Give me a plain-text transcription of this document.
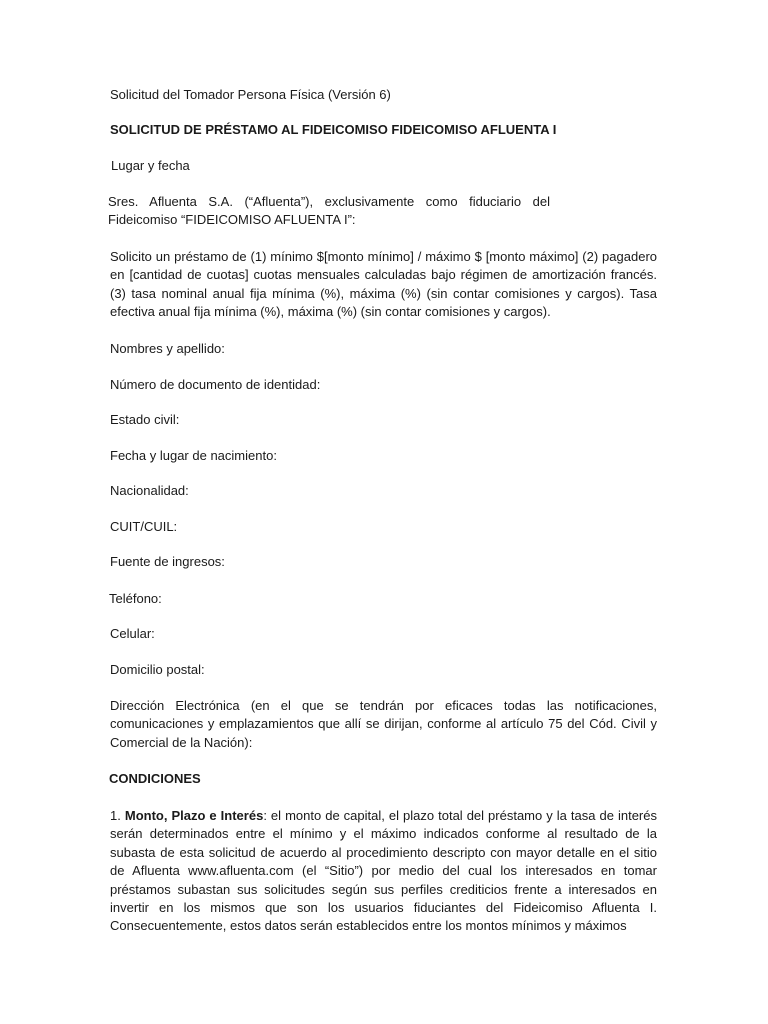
Solicitud del Tomador Persona Física (Versión 6)

SOLICITUD DE PRÉSTAMO AL FIDEICOMISO FIDEICOMISO AFLUENTA I

Lugar y fecha

Sres. Afluenta S.A. (“Afluenta”), exclusivamente como fiduciario del Fideicomiso “FIDEICOMISO AFLUENTA I”:

Solicito un préstamo de (1) mínimo $[monto mínimo] / máximo $ [monto máximo] (2) pagadero en [cantidad de cuotas] cuotas mensuales calculadas bajo régimen de amortización francés. (3) tasa nominal anual fija mínima (%), máxima (%) (sin contar comisiones y cargos). Tasa efectiva anual fija mínima (%), máxima (%) (sin contar comisiones y cargos).

Nombres y apellido:

Número de documento de identidad:

Estado civil:

Fecha y lugar de nacimiento:

Nacionalidad:

CUIT/CUIL:

Fuente de ingresos:

Teléfono:

Celular:

Domicilio postal:

Dirección Electrónica (en el que se tendrán por eficaces todas las notificaciones, comunicaciones y emplazamientos que allí se dirijan, conforme al artículo 75 del Cód. Civil y Comercial de la Nación):

CONDICIONES

1. Monto, Plazo e Interés: el monto de capital, el plazo total del préstamo y la tasa de interés serán determinados entre el mínimo y el máximo indicados conforme al resultado de la subasta de esta solicitud de acuerdo al procedimiento descripto con mayor detalle en el sitio de Afluenta www.afluenta.com (el “Sitio”) por medio del cual los interesados en tomar préstamos subastan sus solicitudes según sus perfiles crediticios frente a interesados en invertir en los mismos que son los usuarios fiduciantes del Fideicomiso Afluenta I. Consecuentemente, estos datos serán establecidos entre los montos mínimos y máximos
